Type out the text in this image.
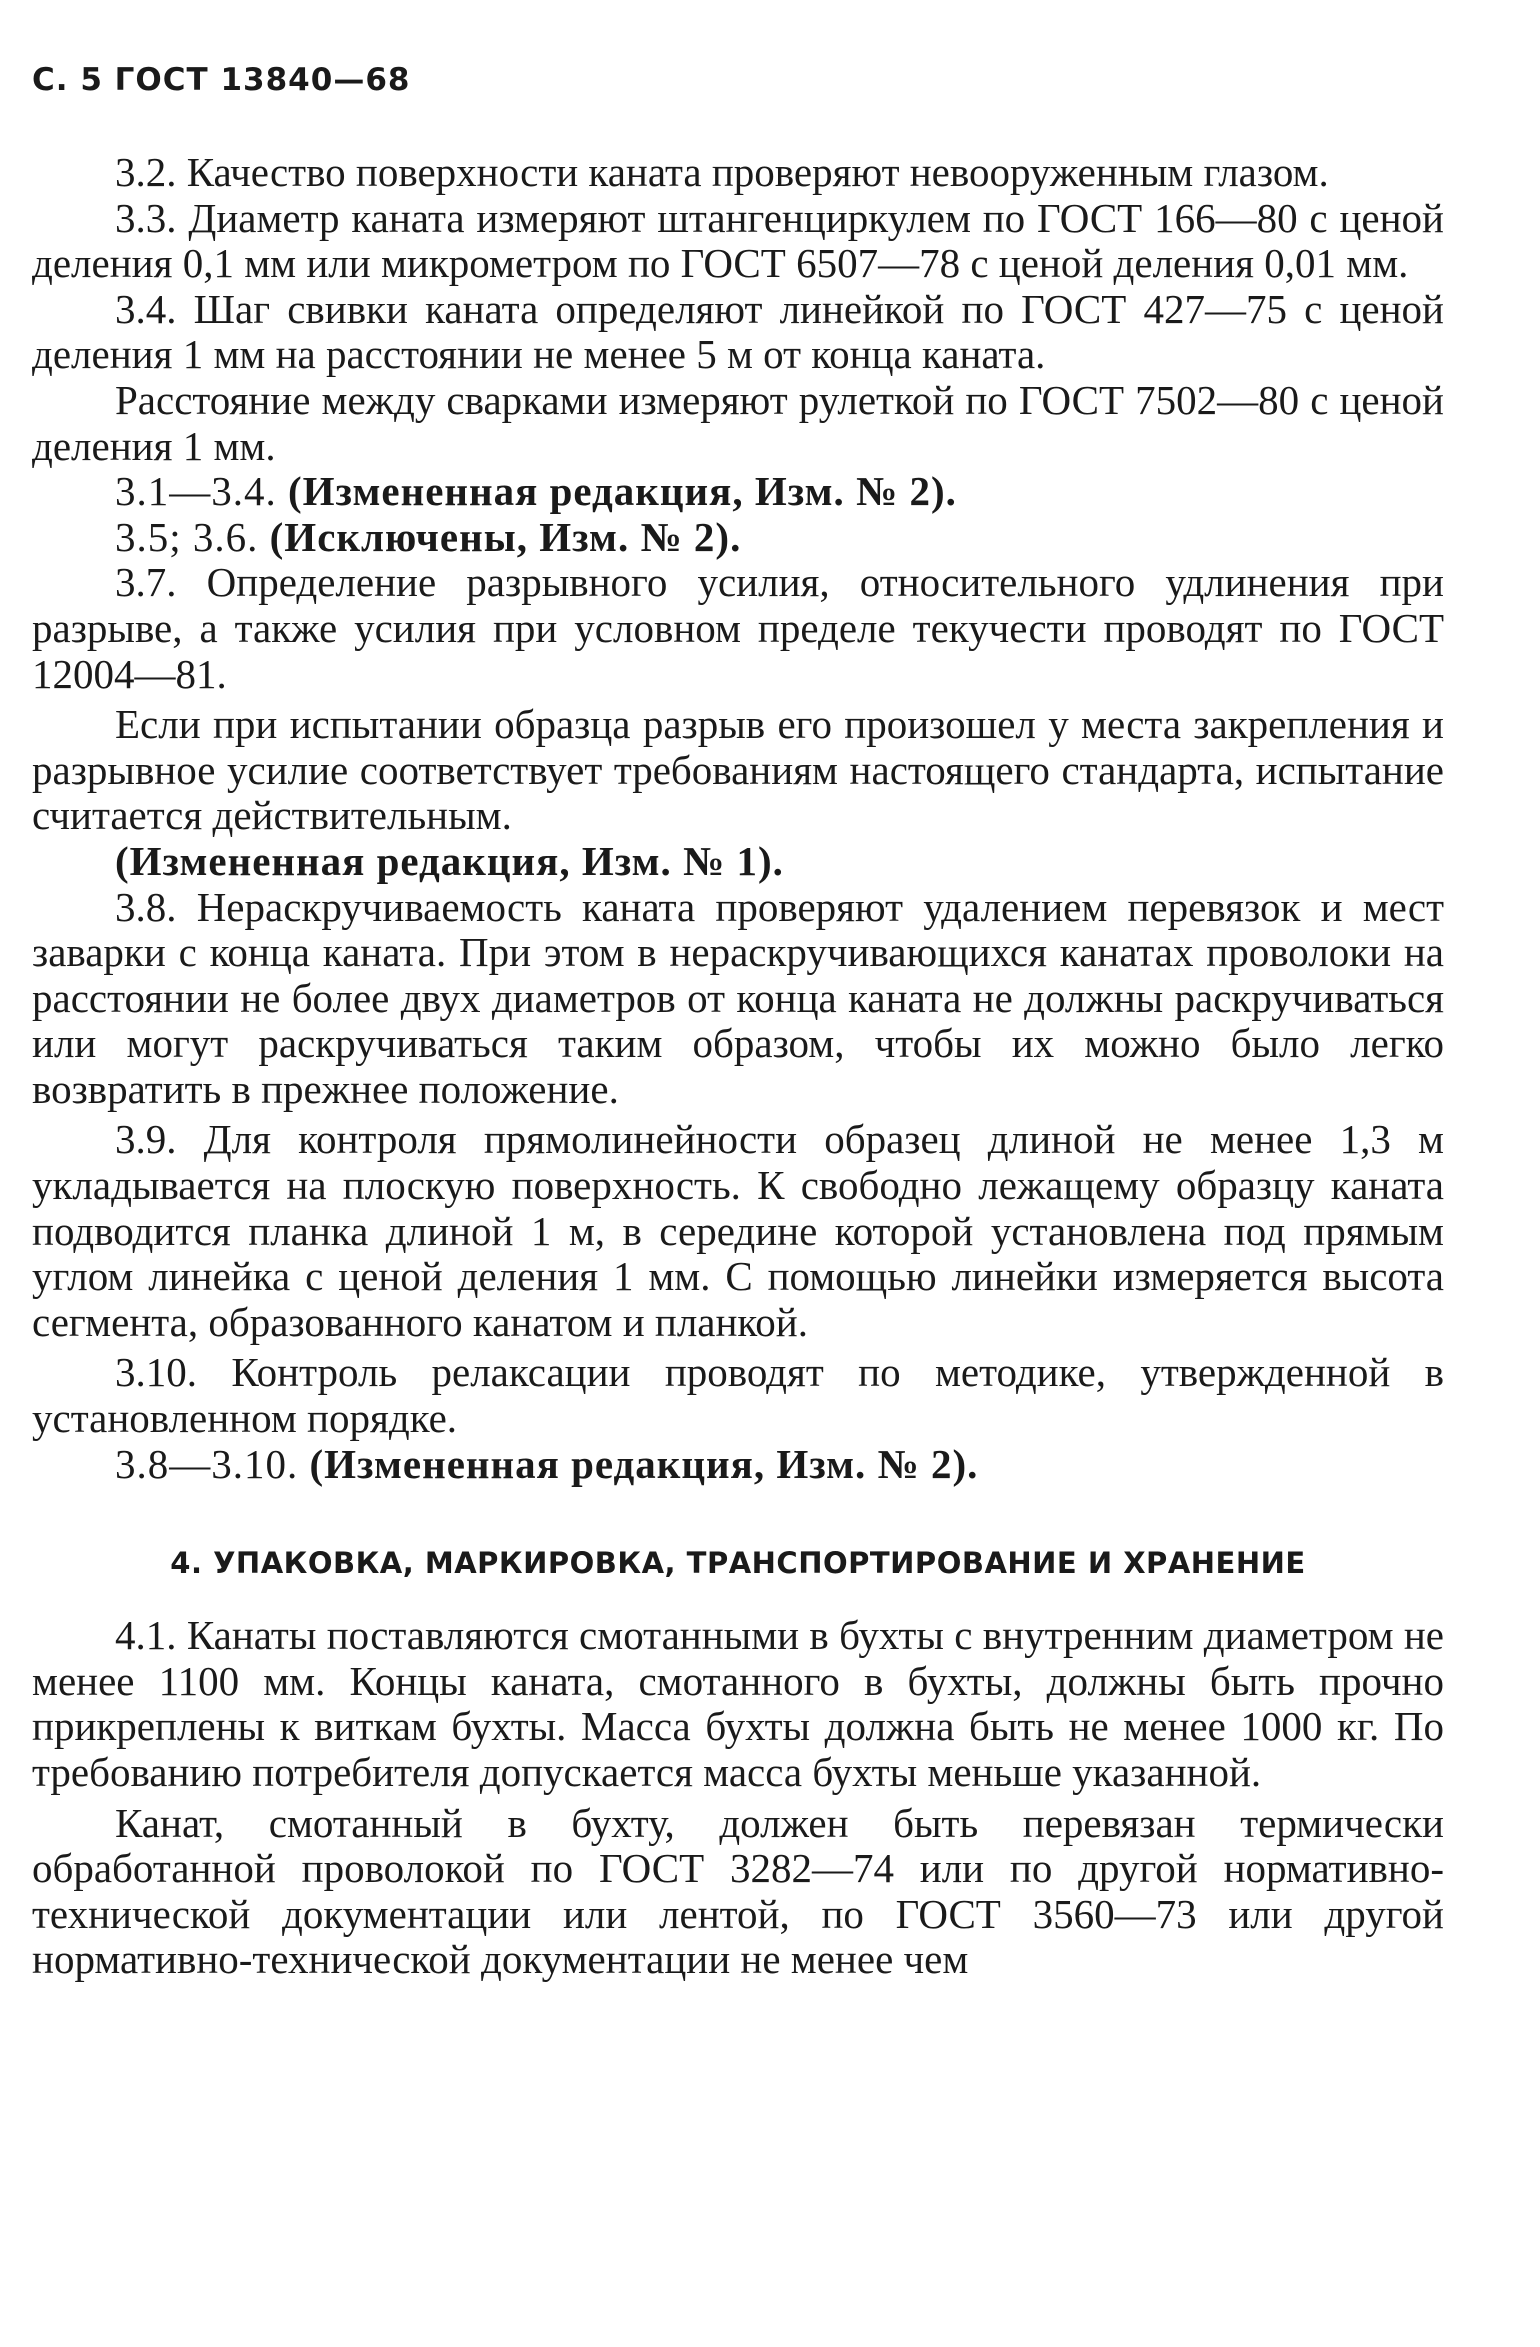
С. 5 ГОСТ 13840—68

3.2. Качество поверхности каната проверяют невооруженным глазом.

3.3. Диаметр каната измеряют штангенциркулем по ГОСТ 166—80 с ценой деления 0,1 мм или микрометром по ГОСТ 6507—78 с ценой деления 0,01 мм.

3.4. Шаг свивки каната определяют линейкой по ГОСТ 427—75 с ценой деления 1 мм на расстоянии не менее 5 м от конца каната.

Расстояние между сварками измеряют рулеткой по ГОСТ 7502—80 с ценой деления 1 мм.

3.1—3.4. (Измененная редакция, Изм. № 2).

3.5; 3.6. (Исключены, Изм. № 2).

3.7. Определение разрывного усилия, относительного удлинения при разрыве, а также усилия при условном пределе текучести проводят по ГОСТ 12004—81.

Если при испытании образца разрыв его произошел у места закрепления и разрывное усилие соответствует требованиям настоящего стандарта, испытание считается действительным.

(Измененная редакция, Изм. № 1).

3.8. Нераскручиваемость каната проверяют удалением перевязок и мест заварки с конца каната. При этом в нераскручивающихся канатах проволоки на расстоянии не более двух диаметров от конца каната не должны раскручиваться или могут раскручиваться таким образом, чтобы их можно было легко возвратить в прежнее положение.

3.9. Для контроля прямолинейности образец длиной не менее 1,3 м укладывается на плоскую поверхность. К свободно лежащему образцу каната подводится планка длиной 1 м, в середине которой установлена под прямым углом линейка с ценой деления 1 мм. С помощью линейки измеряется высота сегмента, образованного канатом и планкой.

3.10. Контроль релаксации проводят по методике, утвержденной в установленном порядке.

3.8—3.10. (Измененная редакция, Изм. № 2).

4. УПАКОВКА, МАРКИРОВКА, ТРАНСПОРТИРОВАНИЕ И ХРАНЕНИЕ

4.1. Канаты поставляются смотанными в бухты с внутренним диаметром не менее 1100 мм. Концы каната, смотанного в бухты, должны быть прочно прикреплены к виткам бухты. Масса бухты должна быть не менее 1000 кг. По требованию потребителя допускается масса бухты меньше указанной.

Канат, смотанный в бухту, должен быть перевязан термически обработанной проволокой по ГОСТ 3282—74 или по другой нормативно-технической документации или лентой, по ГОСТ 3560—73 или другой нормативно-технической документации не менее чем
